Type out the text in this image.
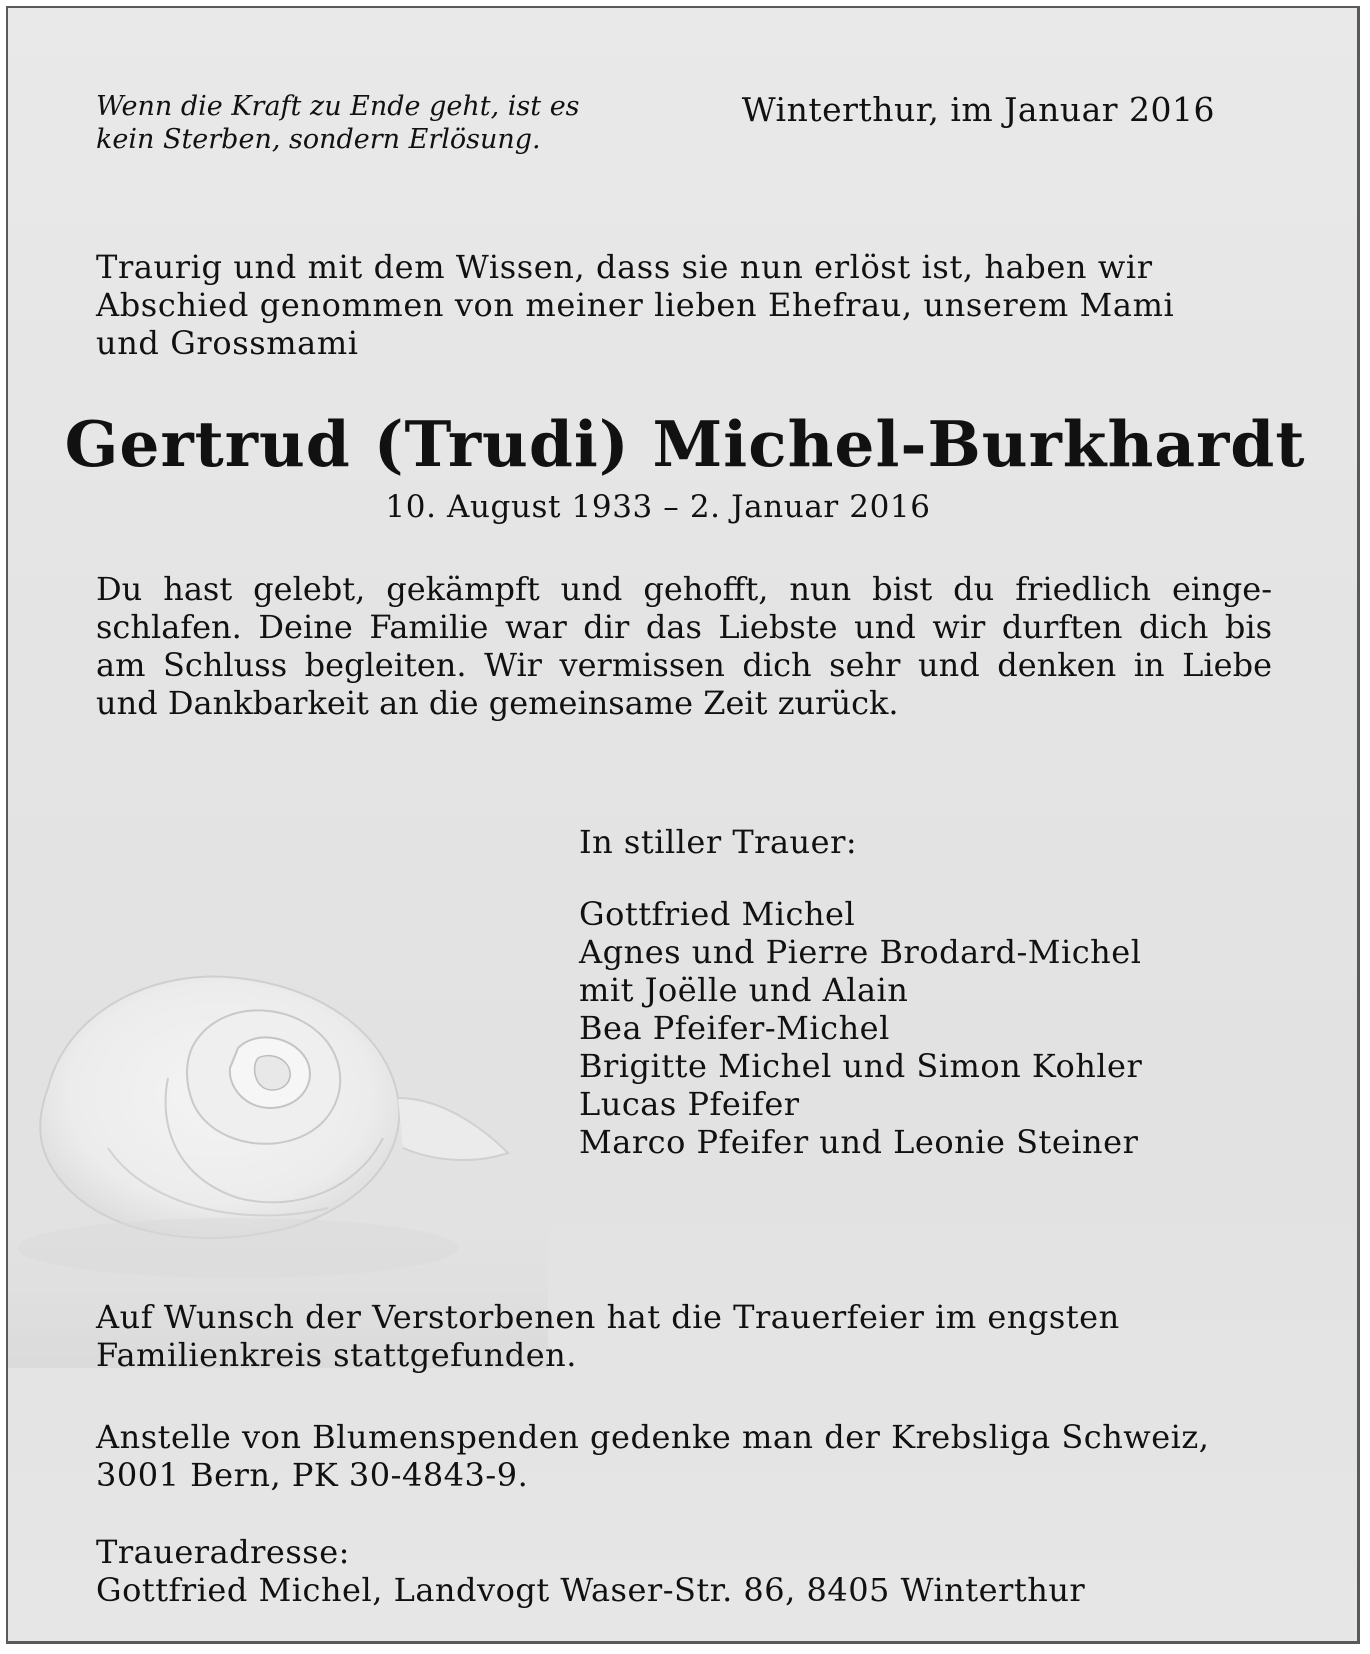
Wenn die Kraft zu Ende geht, ist es
kein Sterben, sondern Erlösung.

Winterthur, im Januar 2016

Traurig und mit dem Wissen, dass sie nun erlöst ist, haben wir
Abschied genommen von meiner lieben Ehefrau, unserem Mami
und Grossmami

Gertrud (Trudi) Michel-Burkhardt

10. August 1933 – 2. Januar 2016

Du hast gelebt, gekämpft und gehofft, nun bist du friedlich einge-
schlafen. Deine Familie war dir das Liebste und wir durften dich bis
am Schluss begleiten. Wir vermissen dich sehr und denken in Liebe
und Dankbarkeit an die gemeinsame Zeit zurück.

In stiller Trauer:

Gottfried Michel
Agnes und Pierre Brodard-Michel
mit Joëlle und Alain
Bea Pfeifer-Michel
Brigitte Michel und Simon Kohler
Lucas Pfeifer
Marco Pfeifer und Leonie Steiner

Auf Wunsch der Verstorbenen hat die Trauerfeier im engsten
Familienkreis stattgefunden.

Anstelle von Blumenspenden gedenke man der Krebsliga Schweiz,
3001 Bern, PK 30-4843-9.

Traueradresse:
Gottfried Michel, Landvogt Waser-Str. 86, 8405 Winterthur
